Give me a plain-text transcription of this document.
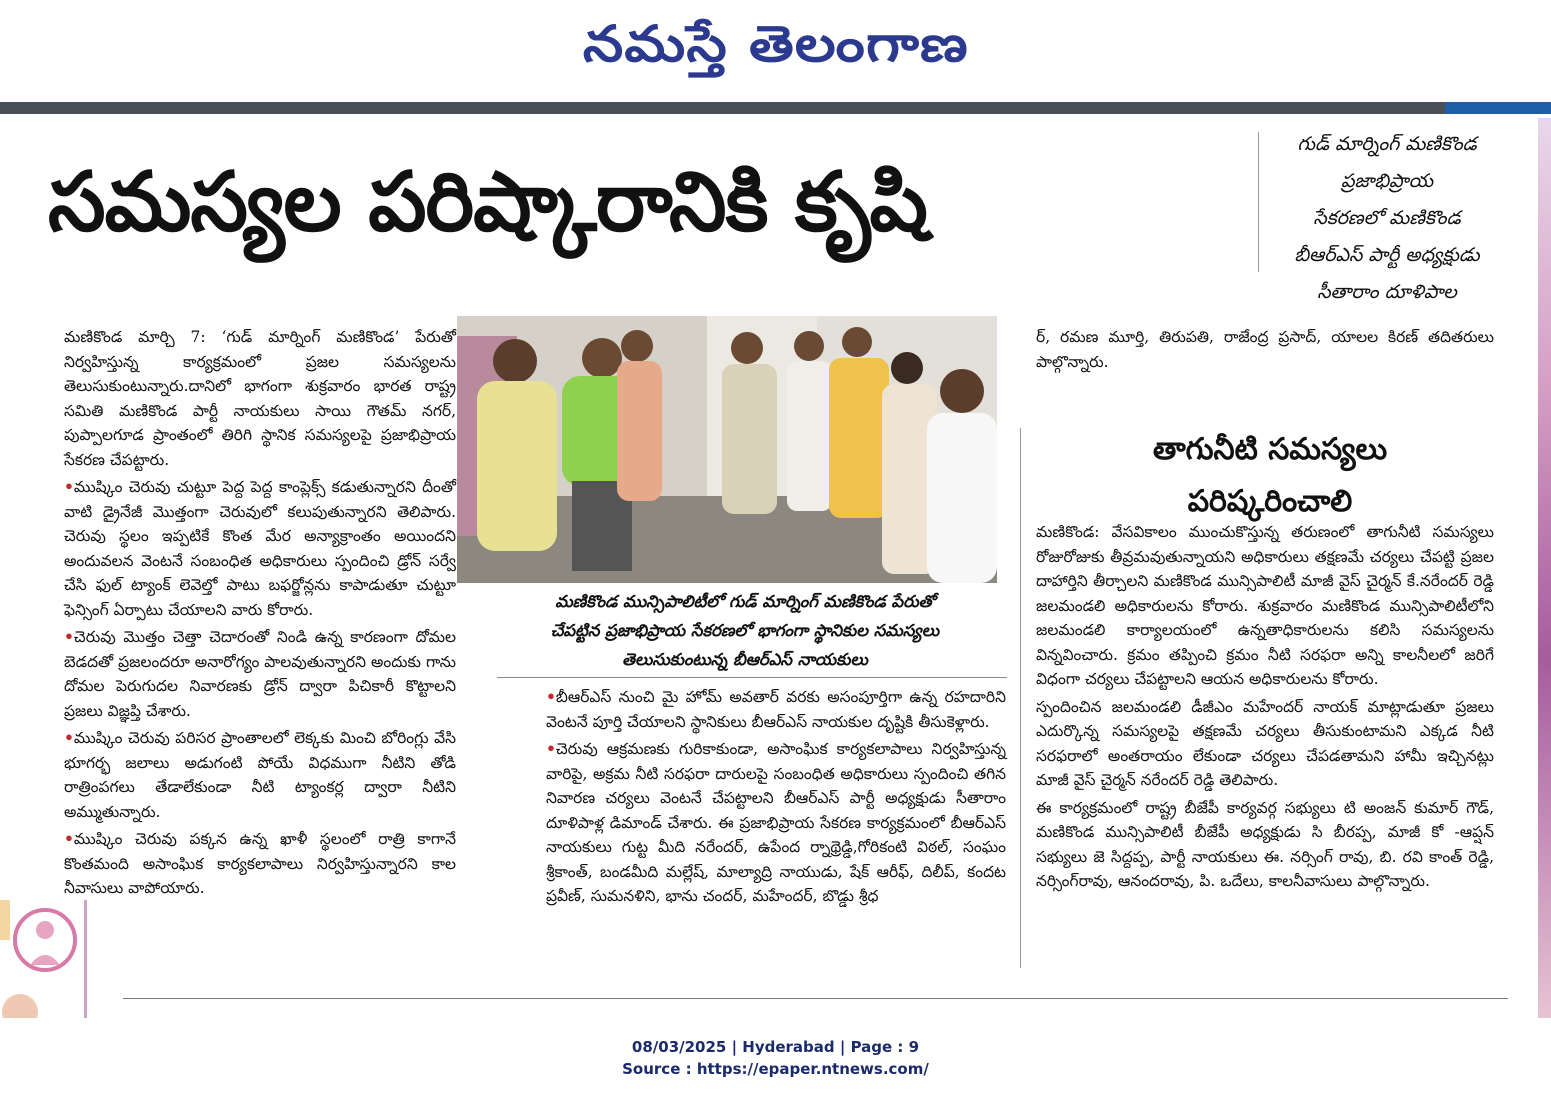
నమస్తే తెలంగాణ
సమస్యల పరిష్కారానికి కృషి
గుడ్ మార్నింగ్ మణికొండ
ప్రజాభిప్రాయ
సేకరణలో మణికొండ
బీఆర్ఎస్ పార్టీ అధ్యక్షుడు
సీతారాం దూళిపాల

మణికొండ మార్చి 7: ‘గుడ్ మార్నింగ్ మణికొండ’ పేరుతో నిర్వహిస్తున్న కార్యక్రమంలో ప్రజల సమస్యలను తెలుసుకుంటున్నారు.దానిలో భాగంగా శుక్రవారం భారత రాష్ట్ర సమితి మణికొండ పార్టీ నాయకులు సాయి గౌతమ్ నగర్, పుప్పాలగూడ ప్రాంతంలో తిరిగి స్థానిక సమస్యలపై ప్రజాభిప్రాయ సేకరణ చేపట్టారు.

•ముష్కిం చెరువు చుట్టూ పెద్ద పెద్ద కాంప్లెక్స్ కడుతున్నారని దీంతో వాటి డ్రైనేజీ మొత్తంగా చెరువులో కలుపుతున్నారని తెలిపారు. చెరువు స్థలం ఇప్పటికే కొంత మేర అన్యాక్రాంతం అయిందని అందువలన వెంటనే సంబంధిత అధికారులు స్పందించి డ్రోన్ సర్వే చేసి ఫుల్ ట్యాంక్ లెవెల్తో పాటు బఫర్జోన్లను కాపాడుతూ చుట్టూ ఫెన్సింగ్ ఏర్పాటు చేయాలని వారు కోరారు.

•చెరువు మొత్తం చెత్తా చెదారంతో నిండి ఉన్న కారణంగా దోమల బెడదతో ప్రజలందరూ అనారోగ్యం పాలవుతున్నారని అందుకు గాను దోమల పెరుగుదల నివారణకు డ్రోన్ ద్వారా పిచికారీ కొట్టాలని ప్రజలు విజ్ఞప్తి చేశారు.

•ముష్కిం చెరువు పరిసర ప్రాంతాలలో లెక్కకు మించి బోరింగ్లు వేసి భూగర్భ జలాలు అడుగంటి పోయే విధముగా నీటిని తోడి రాత్రింపగలు తేడాలేకుండా నీటి ట్యాంకర్ల ద్వారా నీటిని అమ్ముతున్నారు.

•ముష్కిం చెరువు పక్కన ఉన్న ఖాళీ స్థలంలో రాత్రి కాగానే కొంతమంది అసాంఘిక కార్యకలాపాలు నిర్వహిస్తున్నారని కాల నీవాసులు వాపోయారు.

మణికొండ మున్సిపాలిటీలో గుడ్ మార్నింగ్ మణికొండ పేరుతో
చేపట్టిన ప్రజాభిప్రాయ సేకరణలో భాగంగా స్థానికుల సమస్యలు
తెలుసుకుంటున్న బీఆర్ఎస్ నాయకులు

•బీఆర్ఎస్ నుంచి మై హోమ్ అవతార్ వరకు అసంపూర్తిగా ఉన్న రహదారిని వెంటనే పూర్తి చేయాలని స్థానికులు బీఆర్ఎస్ నాయకుల దృష్టికి తీసుకెళ్లారు.

•చెరువు ఆక్రమణకు గురికాకుండా, అసాంఘిక కార్యకలాపాలు నిర్వహిస్తున్న వారిపై, అక్రమ నీటి సరఫరా దారులపై సంబంధిత అధికారులు స్పందించి తగిన నివారణ చర్యలు వెంటనే చేపట్టాలని బీఆర్ఎస్ పార్టీ అధ్యక్షుడు సీతారాం దూళిపాళ్ల డిమాండ్ చేశారు. ఈ ప్రజాభిప్రాయ సేకరణ కార్యక్రమంలో బీఆర్ఎస్ నాయకులు గుట్ట మీది నరేందర్, ఉపేంద ర్నాథ్రెడ్డి,గోరికంటి విఠల్, సంఘం శ్రీకాంత్, బండమీది మల్లేష్, మాల్యాద్రి నాయుడు, షేక్ ఆరీఫ్, దిలీప్, కందట ప్రవీణ్, సుమనళిని, భాను చందర్, మహేందర్, బొడ్డు శ్రీధ

ర్, రమణ మూర్తి, తిరుపతి, రాజేంద్ర ప్రసాద్, యాలల కిరణ్ తదితరులు పాల్గొన్నారు.

తాగునీటి సమస్యలు
పరిష్కరించాలి

మణికొండ: వేసవికాలం ముంచుకొస్తున్న తరుణంలో తాగునీటి సమస్యలు రోజురోజుకు తీవ్రమవుతున్నాయని అధికారులు తక్షణమే చర్యలు చేపట్టి ప్రజల దాహార్తిని తీర్చాలని మణికొండ మున్సిపాలిటీ మాజీ వైస్ చైర్మన్ కే.నరేందర్ రెడ్డి జలమండలి అధికారులను కోరారు. శుక్రవారం మణికొండ మున్సిపాలిటీలోని జలమండలి కార్యాలయంలో ఉన్నతాధికారులను కలిసి సమస్యలను విన్నవించారు. క్రమం తప్పించి క్రమం నీటి సరఫరా అన్ని కాలనీలలో జరిగే విధంగా చర్యలు చేపట్టాలని ఆయన అధికారులను కోరారు.

స్పందించిన జలమండలి డీజీఎం మహేందర్ నాయక్ మాట్లాడుతూ ప్రజలు ఎదుర్కొన్న సమస్యలపై తక్షణమే చర్యలు తీసుకుంటామని ఎక్కడ నీటి సరఫరాలో అంతరాయం లేకుండా చర్యలు చేపడతామని హామీ ఇచ్చినట్లు మాజీ వైస్ చైర్మన్ నరేందర్ రెడ్డి తెలిపారు.

ఈ కార్యక్రమంలో రాష్ట్ర బీజేపీ కార్యవర్గ సభ్యులు టి అంజన్ కుమార్ గౌడ్, మణికొండ మున్సిపాలిటీ బీజేపీ అధ్యక్షుడు సి బీరప్ప, మాజీ కో -ఆప్షన్ సభ్యులు జె సిద్దప్ప, పార్టీ నాయకులు ఈ. నర్సింగ్ రావు, బి. రవి కాంత్ రెడ్డి, నర్సింగ్‌రావు, ఆనందరావు, పి. ఒదేలు, కాలనీవాసులు పాల్గొన్నారు.

08/03/2025 | Hyderabad | Page : 9
Source : https://epaper.ntnews.com/
